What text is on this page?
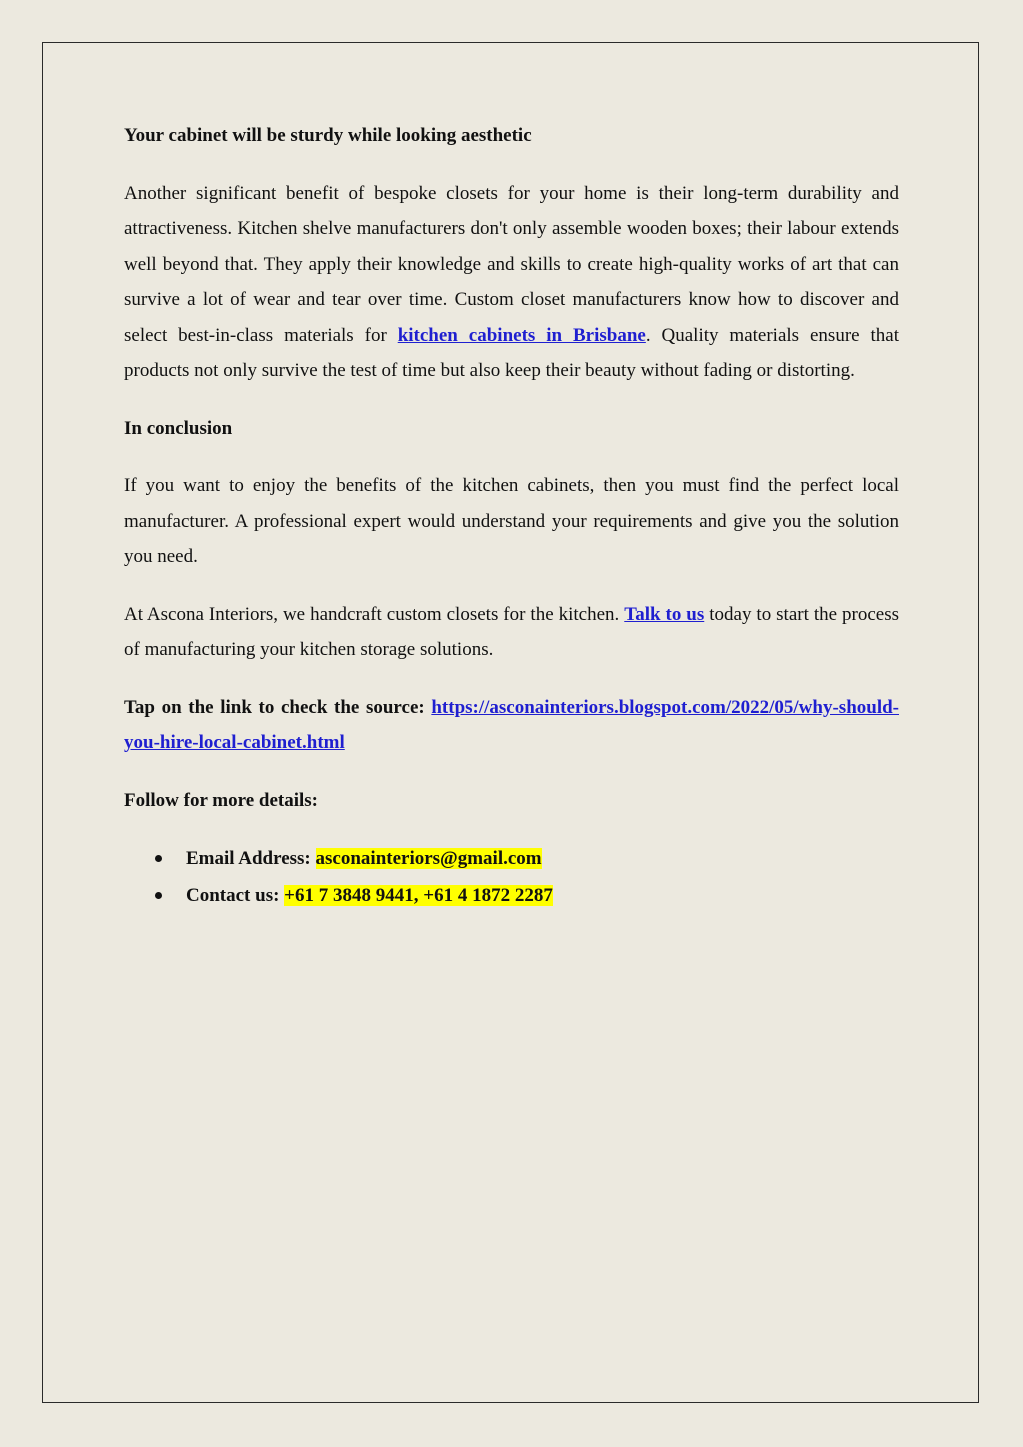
Your cabinet will be sturdy while looking aesthetic

Another significant benefit of bespoke closets for your home is their long-term durability and attractiveness. Kitchen shelve manufacturers don't only assemble wooden boxes; their labour extends well beyond that. They apply their knowledge and skills to create high-quality works of art that can survive a lot of wear and tear over time. Custom closet manufacturers know how to discover and select best-in-class materials for kitchen cabinets in Brisbane. Quality materials ensure that products not only survive the test of time but also keep their beauty without fading or distorting.

In conclusion

If you want to enjoy the benefits of the kitchen cabinets, then you must find the perfect local manufacturer. A professional expert would understand your requirements and give you the solution you need.

At Ascona Interiors, we handcraft custom closets for the kitchen. Talk to us today to start the process of manufacturing your kitchen storage solutions.

Tap on the link to check the source: https://asconainteriors.blogspot.com/2022/05/why-should-you-hire-local-cabinet.html

Follow for more details:

Email Address: asconainteriors@gmail.com
Contact us: +61 7 3848 9441, +61 4 1872 2287
